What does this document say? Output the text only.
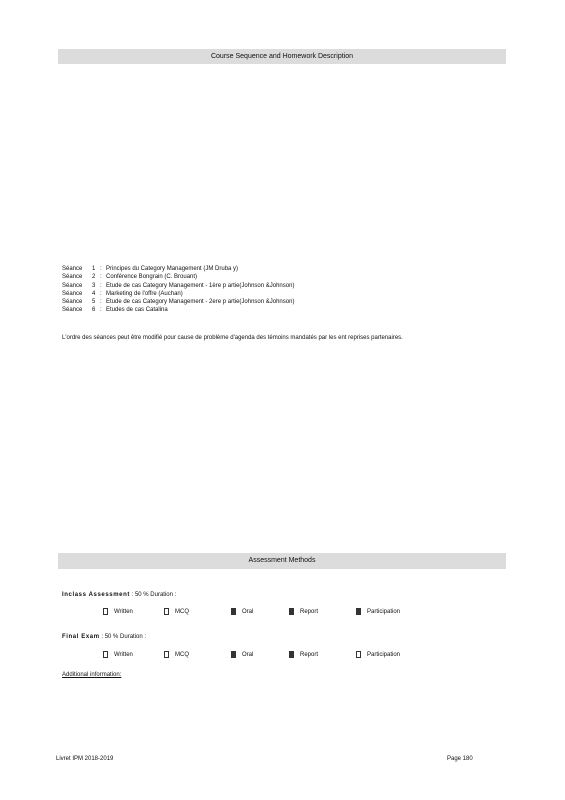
Course Sequence and Homework Description
Séance	1 : Principes du Category Management (JM Druba y)
Séance	2 : Conférence Bongrain (C. Brouant)
Séance	3 : Etude de cas Category Management - 1ère p artie(Johnson &Johnson)
Séance	4 : Marketing de l'offre (Auchan)
Séance	5 : Etude de cas Category Management - 2ere p artie(Johnson &Johnson)
Séance	6 : Etudes de cas Catalina
L'ordre des séances peut être modifié pour cause de problème d'agenda des témoins mandatés par les ent reprises partenaires.
Assessment Methods
Inclass Assessment : 50 % Duration :
Written	MCQ	Oral	Report	Participation
Final Exam : 50 % Duration :
Written	MCQ	Oral	Report	Participation
Additional information:
Livret IPM 2018-2019	Page 180
